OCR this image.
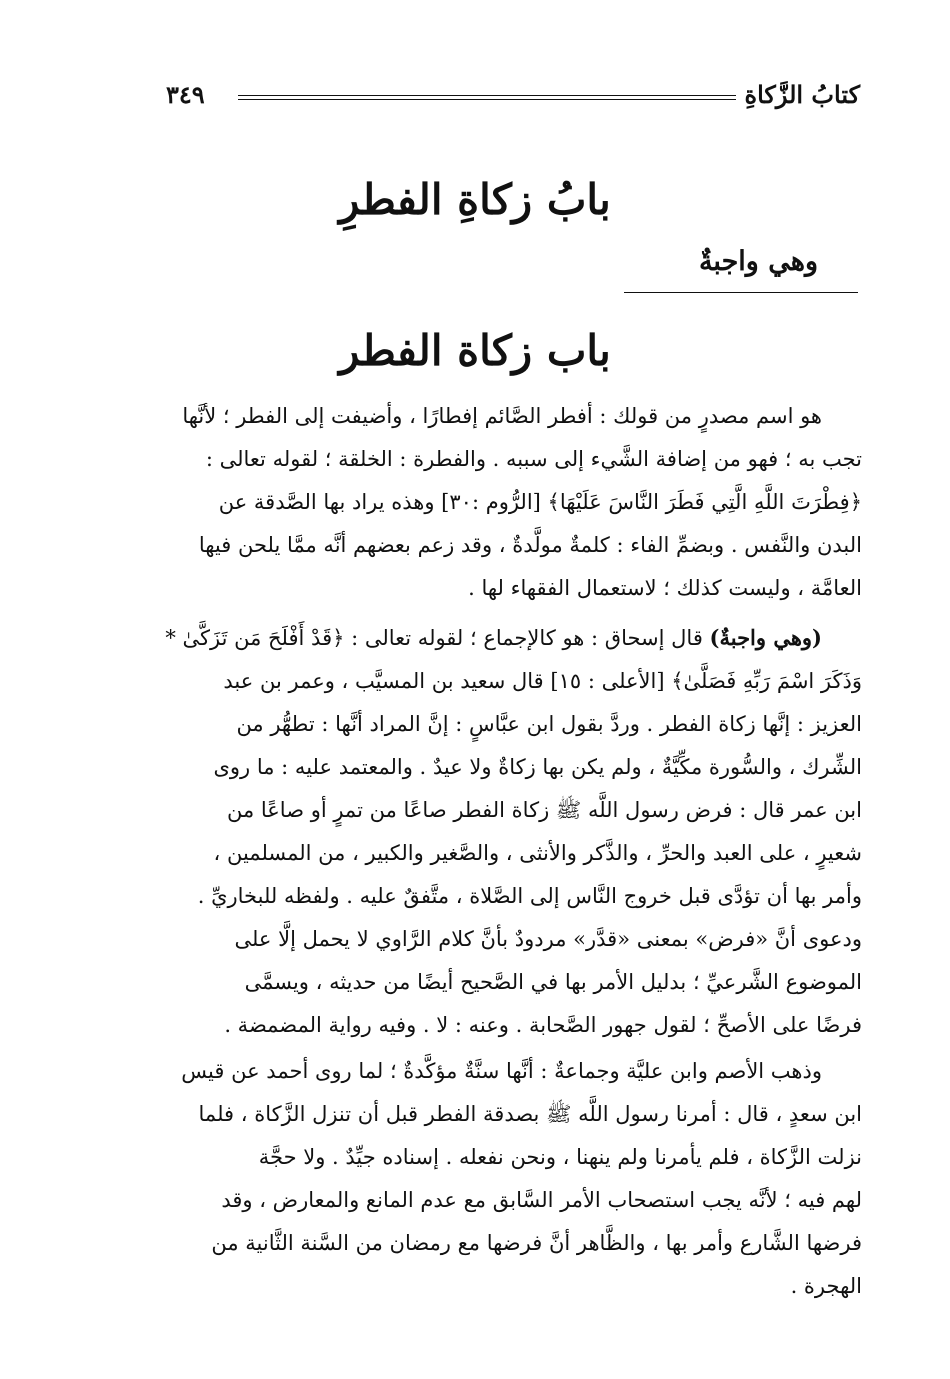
كتابُ الزَّكاةِ
٣٤٩
بابُ زكاةِ الفطرِ
وهي واجبةٌ
باب زكاة الفطر
هو اسم مصدرٍ من قولك : أفطر الصَّائم إفطارًا ، وأضيفت إلى الفطر ؛ لأنَّها
تجب به ؛ فهو من إضافة الشَّيء إلى سببه . والفطرة : الخلقة ؛ لقوله تعالى :
﴿فِطْرَتَ اللَّهِ الَّتِي فَطَرَ النَّاسَ عَلَيْهَا﴾ [الرُّوم :٣٠] وهذه يراد بها الصَّدقة عن
البدن والنَّفس . وبضمِّ الفاء : كلمةٌ مولَّدةٌ ، وقد زعم بعضهم أنَّه ممَّا يلحن فيها
العامَّة ، وليست كذلك ؛ لاستعمال الفقهاء لها .
(وهي واجبةٌ) قال إسحاق : هو كالإجماع ؛ لقوله تعالى : ﴿قَدْ أَفْلَحَ مَن تَزَكَّىٰ *
وَذَكَرَ اسْمَ رَبِّهِ فَصَلَّىٰ﴾ [الأعلى : ١٥] قال سعيد بن المسيَّب ، وعمر بن عبد
العزيز : إنَّها زكاة الفطر . وردَّ بقول ابن عبَّاسٍ : إنَّ المراد أنَّها : تطهُّر من
الشِّرك ، والسُّورة مكِّيَّةٌ ، ولم يكن بها زكاةٌ ولا عيدٌ . والمعتمد عليه : ما روى
ابن عمر قال : فرض رسول اللَّه ﷺ زكاة الفطر صاعًا من تمرٍ أو صاعًا من
شعيرٍ ، على العبد والحرِّ ، والذَّكر والأنثى ، والصَّغير والكبير ، من المسلمين ،
وأمر بها أن تؤدَّى قبل خروج النَّاس إلى الصَّلاة ، متَّفقٌ عليه . ولفظه للبخاريِّ .
ودعوى أنَّ «فرض» بمعنى «قدَّر» مردودٌ بأنَّ كلام الرَّاوي لا يحمل إلَّا على
الموضوع الشَّرعيِّ ؛ بدليل الأمر بها في الصَّحيح أيضًا من حديثه ، ويسمَّى
فرضًا على الأصحِّ ؛ لقول جهور الصَّحابة . وعنه : لا . وفيه رواية المضمضة .
وذهب الأصم وابن عليَّة وجماعةٌ : أنَّها سنَّةٌ مؤكَّدةٌ ؛ لما روى أحمد عن قيس
ابن سعدٍ ، قال : أمرنا رسول اللَّه ﷺ بصدقة الفطر قبل أن تنزل الزَّكاة ، فلما
نزلت الزَّكاة ، فلم يأمرنا ولم ينهنا ، ونحن نفعله . إسناده جيِّدٌ . ولا حجَّة
لهم فيه ؛ لأنَّه يجب استصحاب الأمر السَّابق مع عدم المانع والمعارض ، وقد
فرضها الشَّارع وأمر بها ، والظَّاهر أنَّ فرضها مع رمضان من السَّنة الثَّانية من
الهجرة .
